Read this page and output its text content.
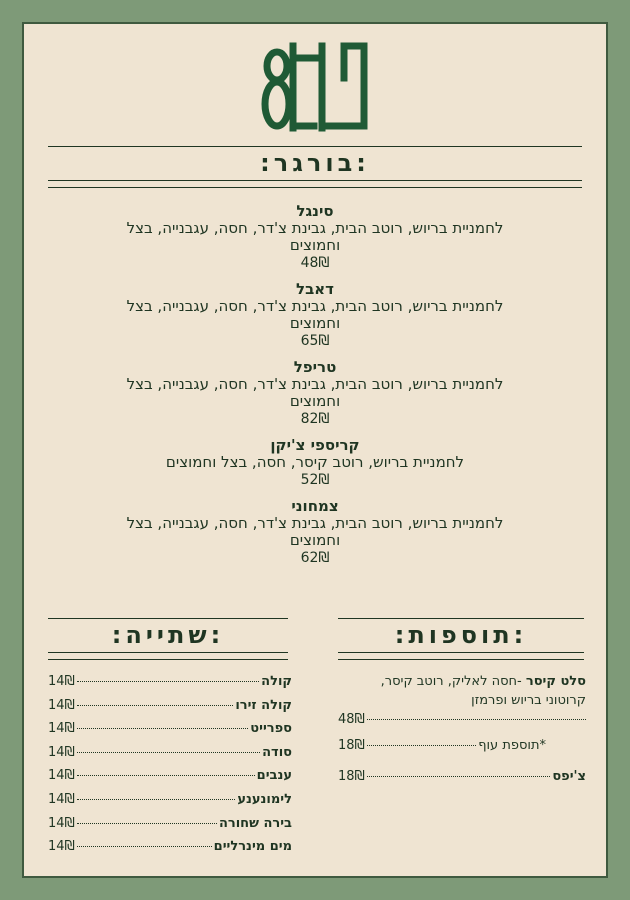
:בורגר:
סינגל
לחמניית בריוש, רוטב הבית, גבינת צ'דר, חסה, עגבנייה, בצל וחמוצים
48₪
דאבל
לחמניית בריוש, רוטב הבית, גבינת צ'דר, חסה, עגבנייה, בצל וחמוצים
65₪
טריפל
לחמניית בריוש, רוטב הבית, גבינת צ'דר, חסה, עגבנייה, בצל וחמוצים
82₪
קריספי צ'יקן
לחמניית בריוש, רוטב קיסר, חסה, בצל וחמוצים
52₪
צמחוני
לחמניית בריוש, רוטב הבית, גבינת צ'דר, חסה, עגבנייה, בצל וחמוצים
62₪
:שתייה:	:תוספות:
קולה
14₪
קולה זירו
14₪
ספרייט
14₪
סודה
14₪
ענבים
14₪
לימונענע
14₪
בירה שחורה
14₪
מים מינרליים
14₪
סלט קיסר -חסה לאליק, רוטב קיסר, קרוטוני בריוש ופרמזן
48₪
*תוספת עוף
18₪
צ'יפס
18₪
